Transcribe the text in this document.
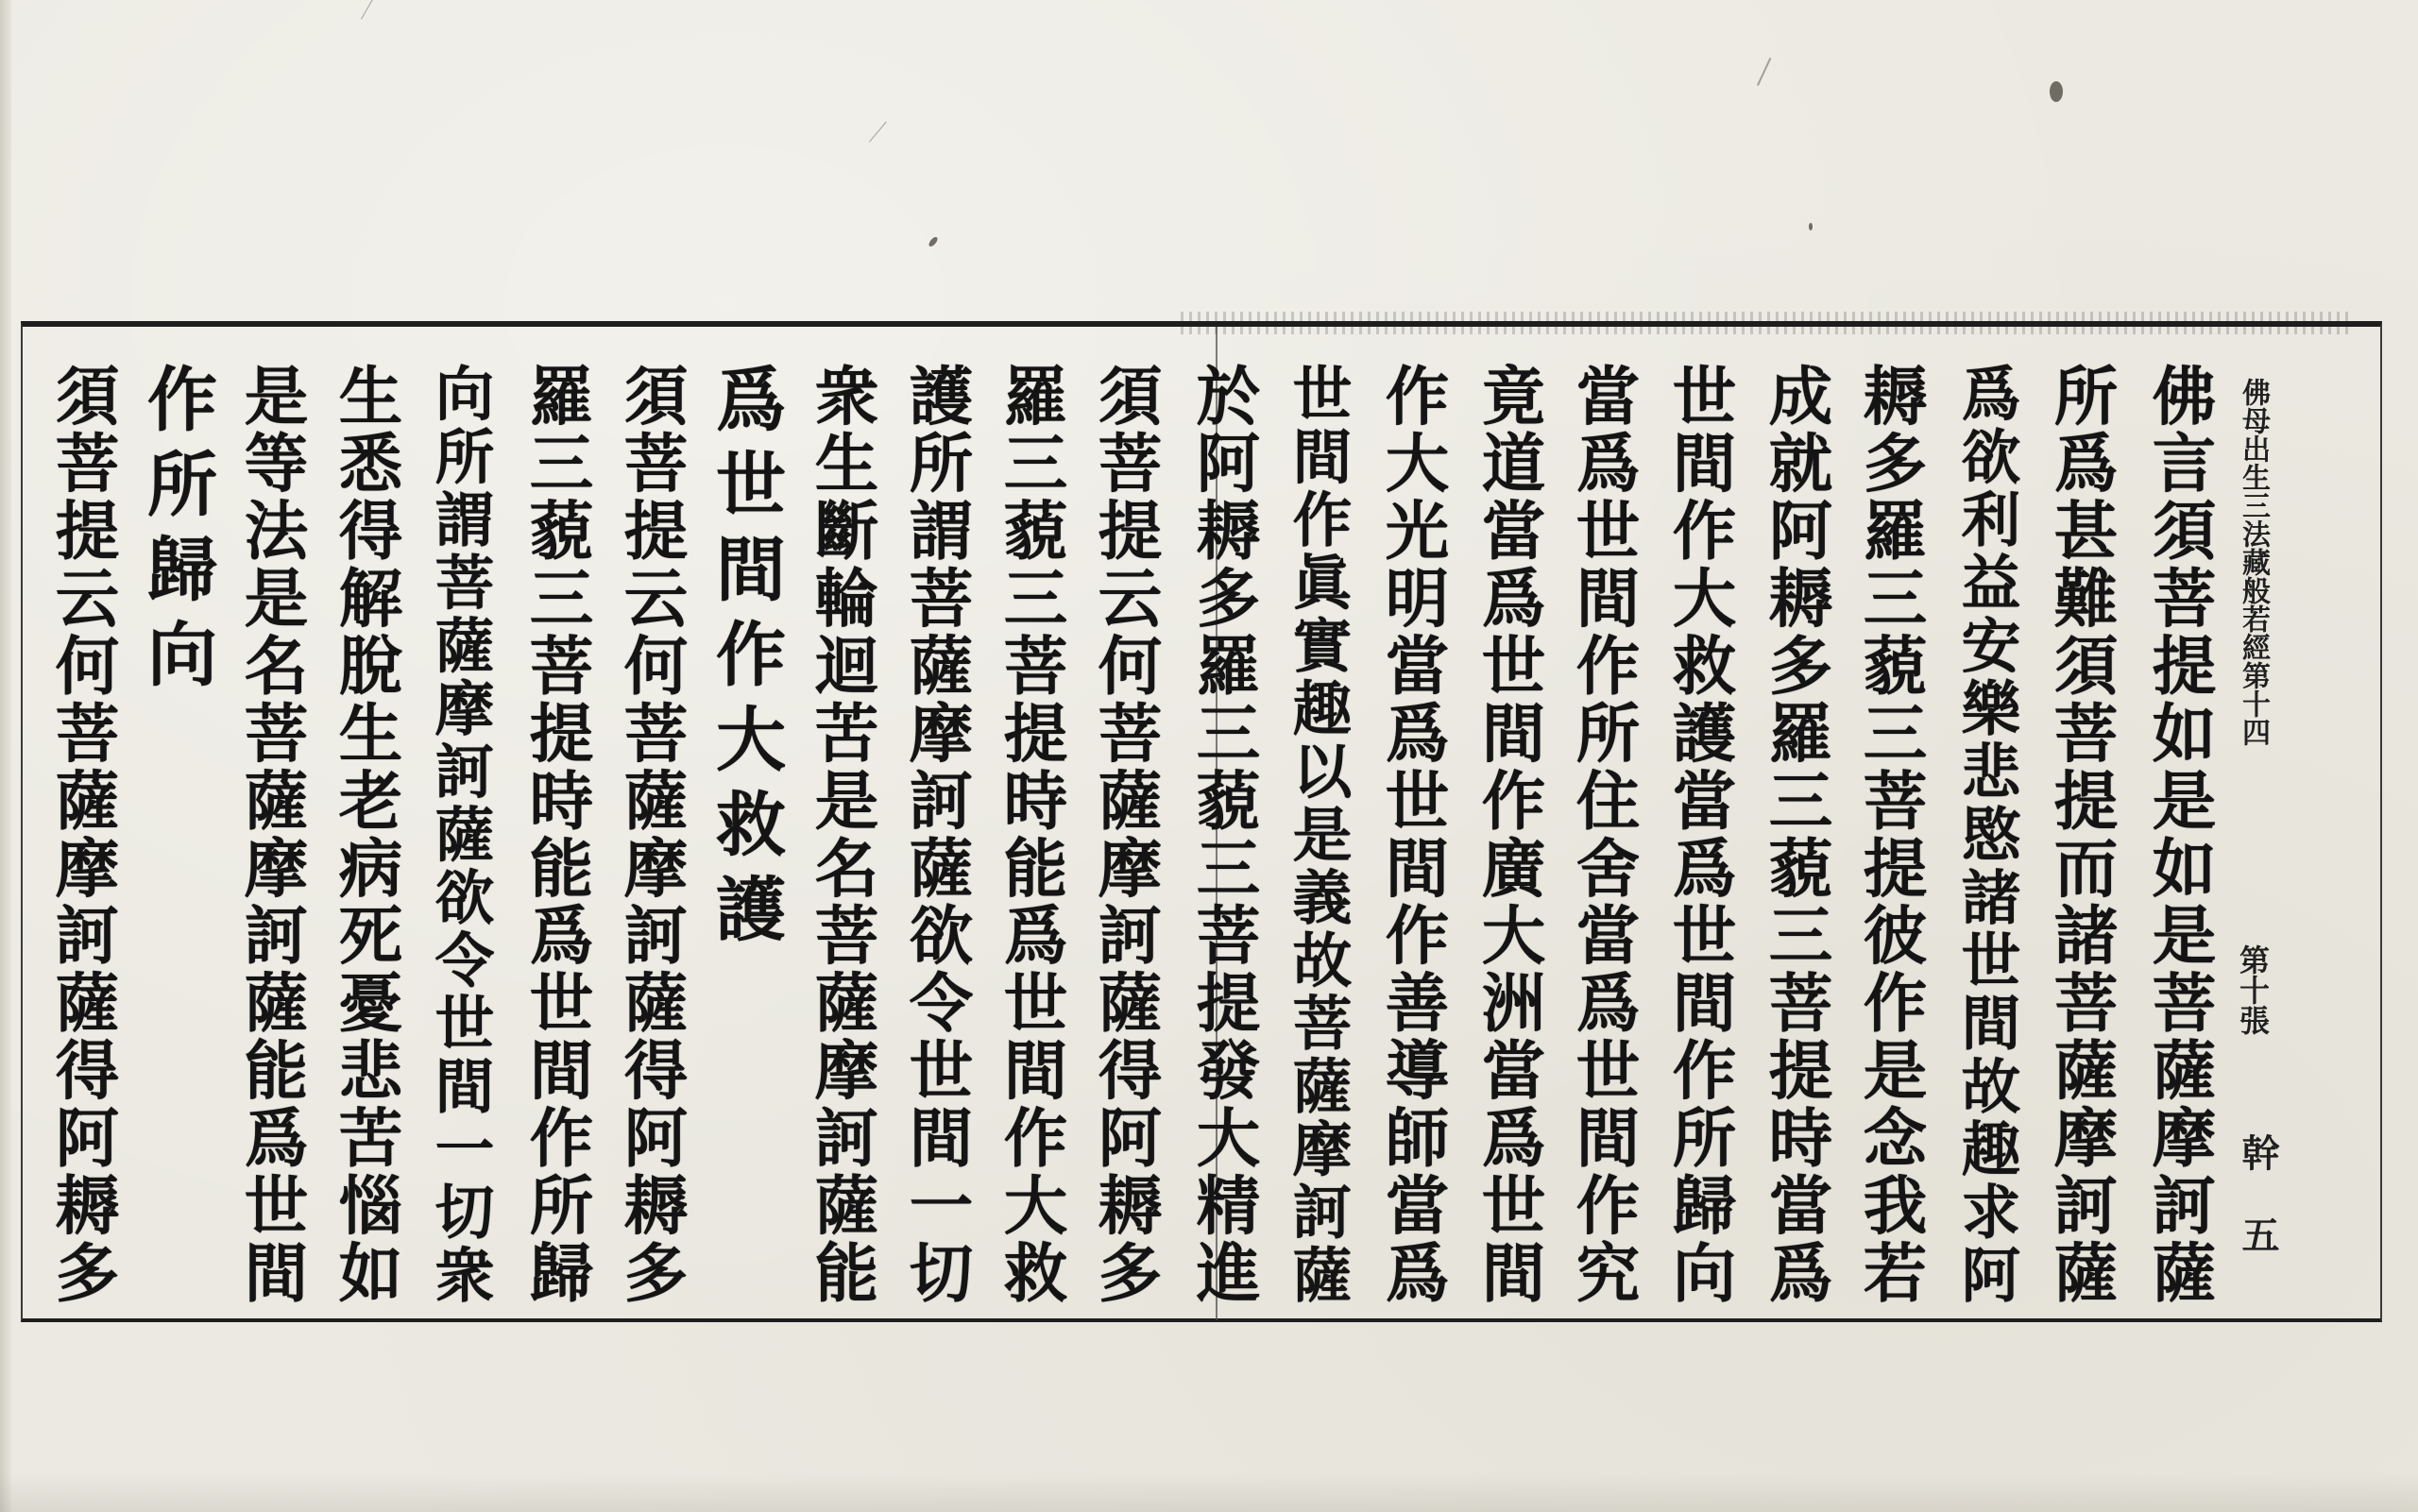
佛母出生三法藏般若經第十四
第十張
幹 五
佛言須菩提如是如是菩薩摩訶薩
所爲甚難須菩提而諸菩薩摩訶薩
爲欲利益安樂悲愍諸世間故趣求阿
耨多羅三藐三菩提彼作是念我若
成就阿耨多羅三藐三菩提時當爲
世間作大救護當爲世間作所歸向
當爲世間作所住舍當爲世間作究
竟道當爲世間作廣大洲當爲世間
作大光明當爲世間作善導師當爲
世間作眞實趣以是義故菩薩摩訶薩
於阿耨多羅三藐三菩提發大精進
須菩提云何菩薩摩訶薩得阿耨多
羅三藐三菩提時能爲世間作大救
護所謂菩薩摩訶薩欲令世間一切
衆生斷輪迴苦是名菩薩摩訶薩能
爲世間作大救護
須菩提云何菩薩摩訶薩得阿耨多
羅三藐三菩提時能爲世間作所歸
向所謂菩薩摩訶薩欲令世間一切衆
生悉得解脫生老病死憂悲苦惱如
是等法是名菩薩摩訶薩能爲世間
作所歸向
須菩提云何菩薩摩訶薩得阿耨多
